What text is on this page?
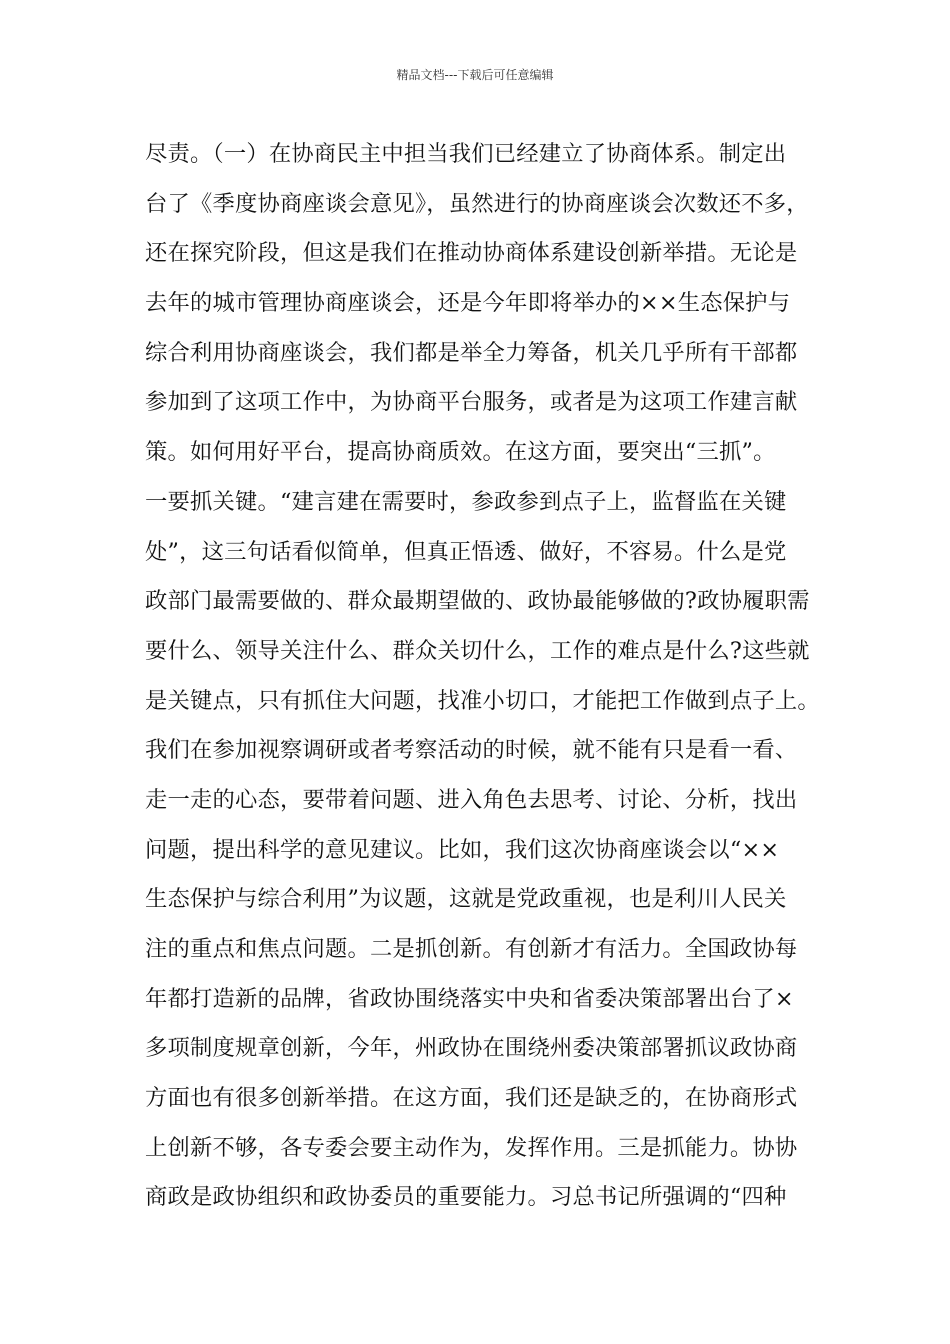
精品文档---下载后可任意编辑
尽责。（一）在协商民主中担当我们已经建立了协商体系。制定出
台了《季度协商座谈会意见》，虽然进行的协商座谈会次数还不多，
还在探究阶段，但这是我们在推动协商体系建设创新举措。无论是
去年的城市管理协商座谈会，还是今年即将举办的××生态保护与
综合利用协商座谈会，我们都是举全力筹备，机关几乎所有干部都
参加到了这项工作中，为协商平台服务，或者是为这项工作建言献
策。如何用好平台，提高协商质效。在这方面，要突出“三抓”。
一要抓关键。“建言建在需要时，参政参到点子上，监督监在关键
处”，这三句话看似简单，但真正悟透、做好，不容易。什么是党
政部门最需要做的、群众最期望做的、政协最能够做的?政协履职需
要什么、领导关注什么、群众关切什么，工作的难点是什么?这些就
是关键点，只有抓住大问题，找准小切口，才能把工作做到点子上。
我们在参加视察调研或者考察活动的时候，就不能有只是看一看、
走一走的心态，要带着问题、进入角色去思考、讨论、分析，找出
问题，提出科学的意见建议。比如，我们这次协商座谈会以“××
生态保护与综合利用”为议题，这就是党政重视，也是利川人民关
注的重点和焦点问题。二是抓创新。有创新才有活力。全国政协每
年都打造新的品牌，省政协围绕落实中央和省委决策部署出台了×
多项制度规章创新，今年，州政协在围绕州委决策部署抓议政协商
方面也有很多创新举措。在这方面，我们还是缺乏的，在协商形式
上创新不够，各专委会要主动作为，发挥作用。三是抓能力。协协
商政是政协组织和政协委员的重要能力。习总书记所强调的“四种
